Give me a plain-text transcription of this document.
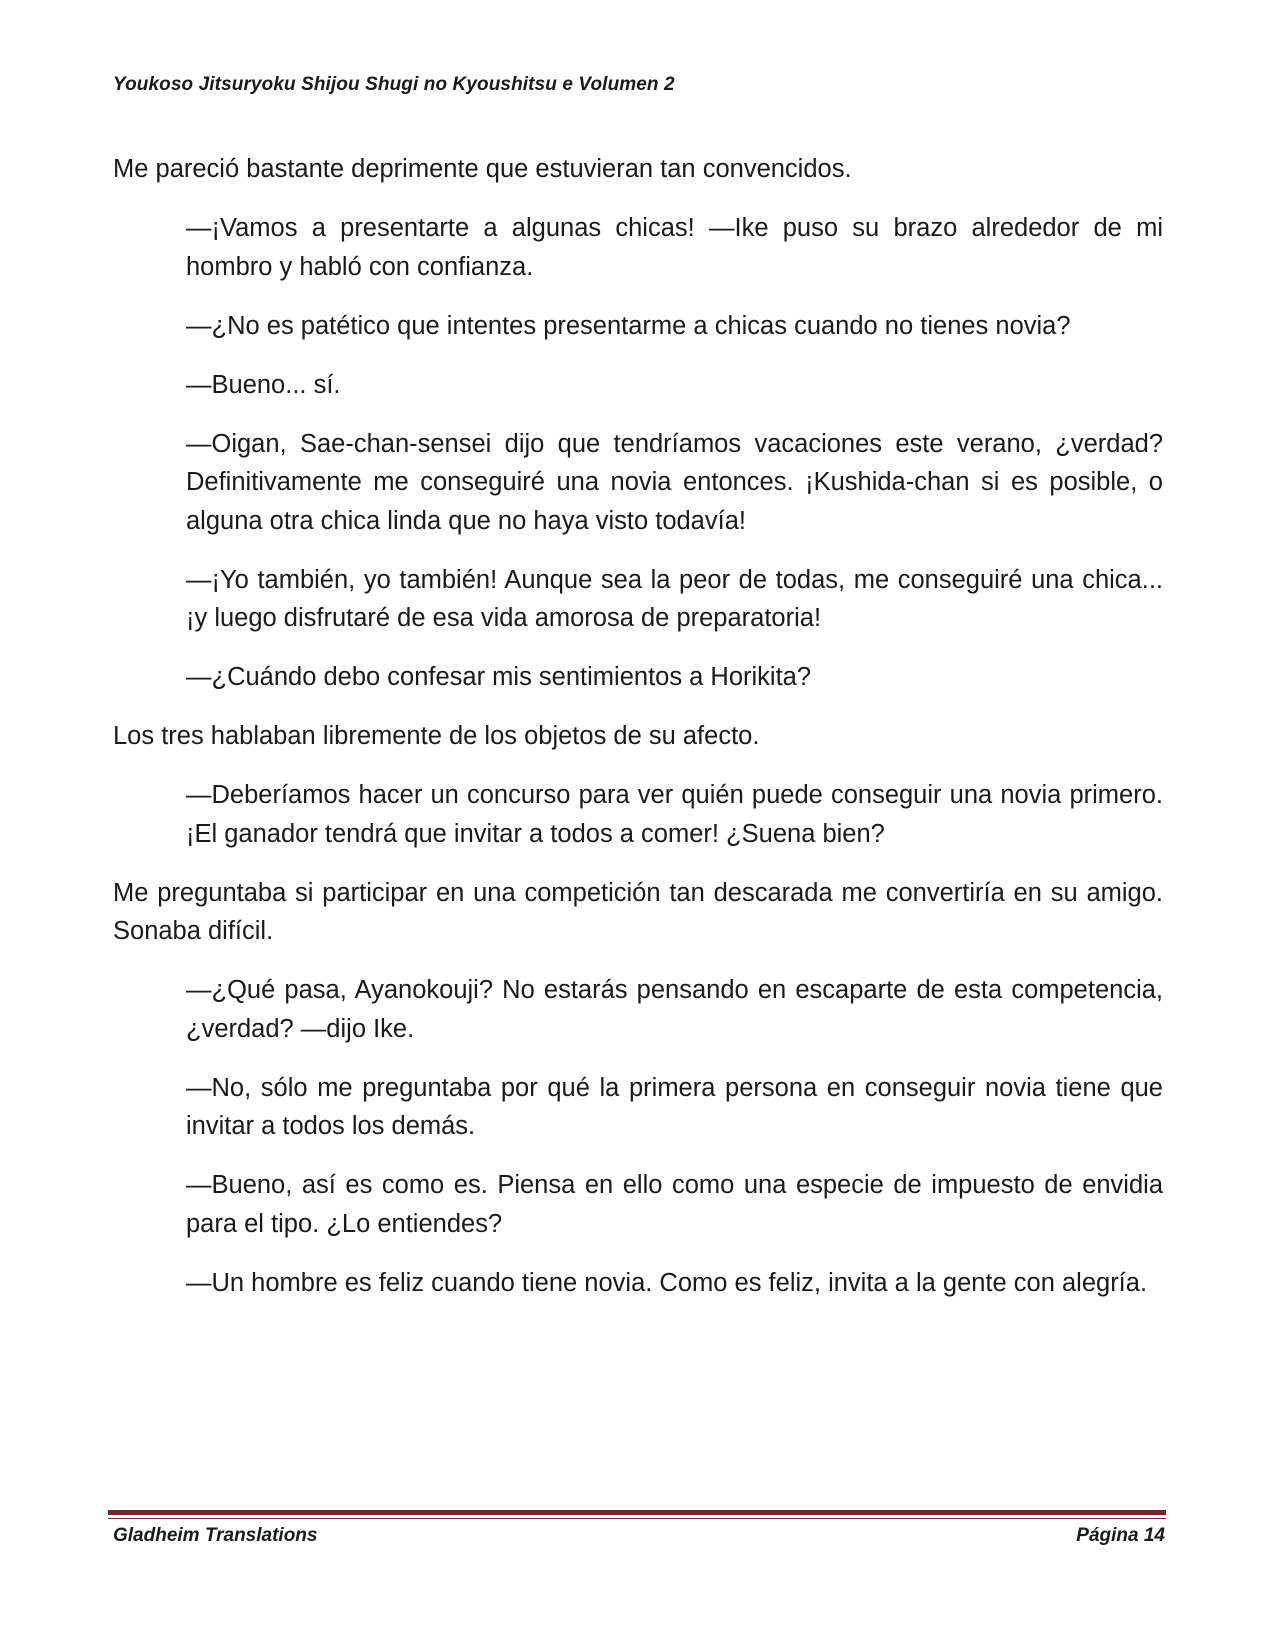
Youkoso Jitsuryoku Shijou Shugi no Kyoushitsu e Volumen 2

Me pareció bastante deprimente que estuvieran tan convencidos.

—¡Vamos a presentarte a algunas chicas! —Ike puso su brazo alrededor de mi hombro y habló con confianza.

—¿No es patético que intentes presentarme a chicas cuando no tienes novia?

—Bueno... sí.

—Oigan, Sae-chan-sensei dijo que tendríamos vacaciones este verano, ¿verdad? Definitivamente me conseguiré una novia entonces. ¡Kushida-chan si es posible, o alguna otra chica linda que no haya visto todavía!

—¡Yo también, yo también! Aunque sea la peor de todas, me conseguiré una chica... ¡y luego disfrutaré de esa vida amorosa de preparatoria!

—¿Cuándo debo confesar mis sentimientos a Horikita?

Los tres hablaban libremente de los objetos de su afecto.

—Deberíamos hacer un concurso para ver quién puede conseguir una novia primero. ¡El ganador tendrá que invitar a todos a comer! ¿Suena bien?

Me preguntaba si participar en una competición tan descarada me convertiría en su amigo. Sonaba difícil.

—¿Qué pasa, Ayanokouji? No estarás pensando en escaparte de esta competencia, ¿verdad? —dijo Ike.

—No, sólo me preguntaba por qué la primera persona en conseguir novia tiene que invitar a todos los demás.

—Bueno, así es como es. Piensa en ello como una especie de impuesto de envidia para el tipo. ¿Lo entiendes?

—Un hombre es feliz cuando tiene novia. Como es feliz, invita a la gente con alegría.

Gladheim Translations	Página 14
